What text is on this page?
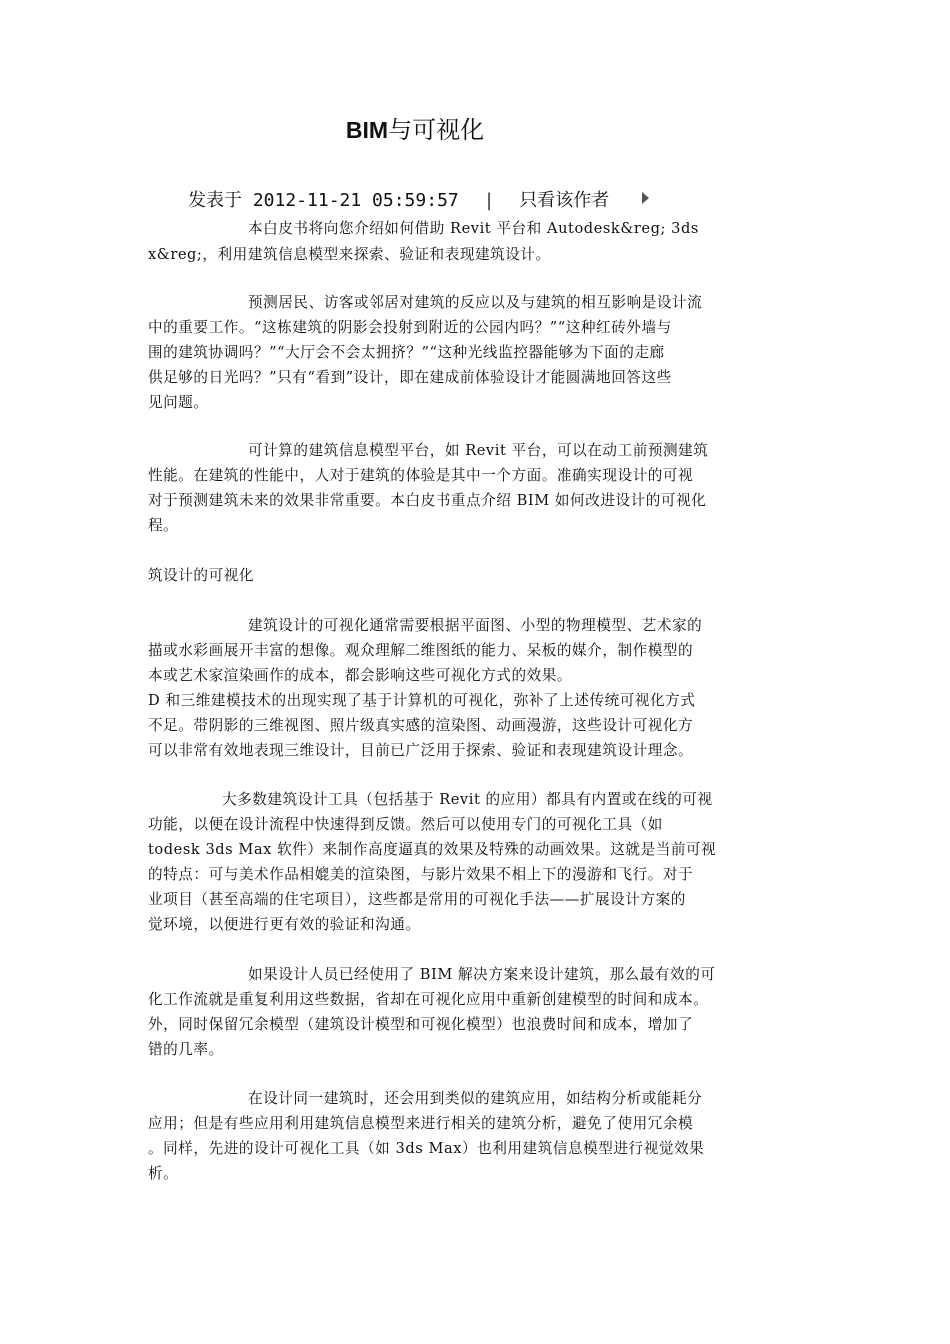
BIM与可视化
发表于 2012-11-21 05:59:57 | 只看该作者
本白皮书将向您介绍如何借助 Revit 平台和 Autodesk&reg; 3ds
x&reg;，利用建筑信息模型来探索、验证和表现建筑设计。
预测居民、访客或邻居对建筑的反应以及与建筑的相互影响是设计流
中的重要工作。“这栋建筑的阴影会投射到附近的公园内吗？”“这种红砖外墙与
围的建筑协调吗？”“大厅会不会太拥挤？”“这种光线监控器能够为下面的走廊
供足够的日光吗？”只有“看到”设计，即在建成前体验设计才能圆满地回答这些
见问题。
可计算的建筑信息模型平台，如 Revit 平台，可以在动工前预测建筑
性能。在建筑的性能中，人对于建筑的体验是其中一个方面。准确实现设计的可视
对于预测建筑未来的效果非常重要。本白皮书重点介绍 BIM 如何改进设计的可视化
程。
筑设计的可视化
建筑设计的可视化通常需要根据平面图、小型的物理模型、艺术家的
描或水彩画展开丰富的想像。观众理解二维图纸的能力、呆板的媒介，制作模型的
本或艺术家渲染画作的成本，都会影响这些可视化方式的效果。
D 和三维建模技术的出现实现了基于计算机的可视化，弥补了上述传统可视化方式
不足。带阴影的三维视图、照片级真实感的渲染图、动画漫游，这些设计可视化方
可以非常有效地表现三维设计，目前已广泛用于探索、验证和表现建筑设计理念。
大多数建筑设计工具（包括基于 Revit 的应用）都具有内置或在线的可视
功能，以便在设计流程中快速得到反馈。然后可以使用专门的可视化工具（如
todesk 3ds Max 软件）来制作高度逼真的效果及特殊的动画效果。这就是当前可视
的特点：可与美术作品相媲美的渲染图，与影片效果不相上下的漫游和飞行。对于
业项目（甚至高端的住宅项目），这些都是常用的可视化手法——扩展设计方案的
觉环境，以便进行更有效的验证和沟通。
如果设计人员已经使用了 BIM 解决方案来设计建筑，那么最有效的可
化工作流就是重复利用这些数据，省却在可视化应用中重新创建模型的时间和成本。
外，同时保留冗余模型（建筑设计模型和可视化模型）也浪费时间和成本，增加了
错的几率。
在设计同一建筑时，还会用到类似的建筑应用，如结构分析或能耗分
应用；但是有些应用利用建筑信息模型来进行相关的建筑分析，避免了使用冗余模
。同样，先进的设计可视化工具（如 3ds Max）也利用建筑信息模型进行视觉效果
析。
